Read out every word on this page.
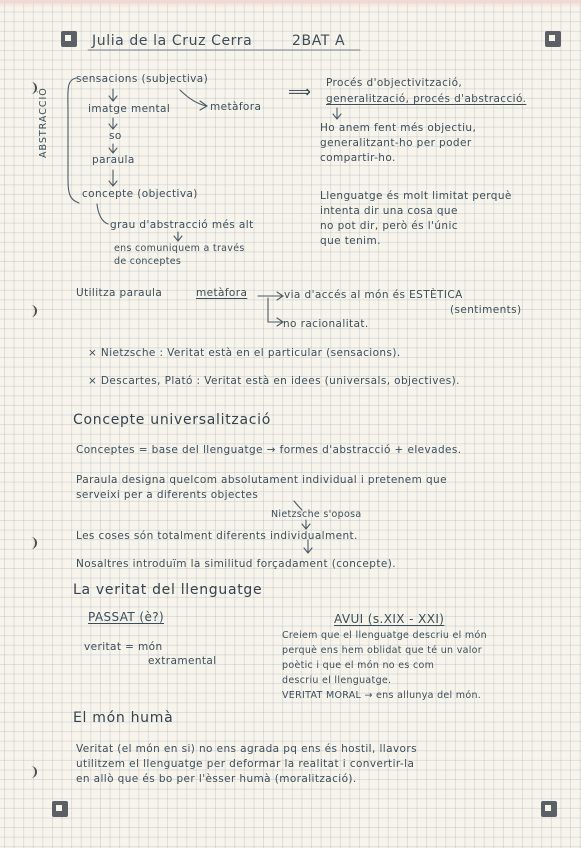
Julia de la Cruz Cerra	2BAT A
ABSTRACCIÓ
sensacions (subjectiva)
imatge mental	metàfora
so
paraula
concepte (objectiva)
grau d'abstracció més alt
ens comuniquem a través
de conceptes
⟹ Procés d'objectivització,
generalització, procés d'abstracció.
Ho anem fent més objectiu,
generalitzant-ho per poder
compartir-ho.
Llenguatge és molt limitat perquè
intenta dir una cosa que
no pot dir, però és l'únic
que tenim.
Utilitza paraula	metàfora	via d'accés al món és ESTÈTICA
(sentiments)
no racionalitat.
× Nietzsche : Veritat està en el particular (sensacions).
× Descartes, Plató : Veritat està en idees (universals, objectives).
Concepte universalització
Conceptes = base del llenguatge → formes d'abstracció + elevades.
Paraula designa quelcom absolutament individual i pretenem que
serveixi per a diferents objectes
Nietzsche s'oposa
Les coses són totalment diferents individualment.
Nosaltres introduïm la similitud forçadament (concepte).
La veritat del llenguatge
PASSAT (è?)
veritat = món
extramental
AVUI (s.XIX - XXI)
Creiem que el llenguatge descriu el món
perquè ens hem oblidat que té un valor
poètic i que el món no es com
descriu el llenguatge.
VERITAT MORAL → ens allunya del món.
El món humà
Veritat (el món en si) no ens agrada pq ens és hostil, llavors
utilitzem el llenguatge per deformar la realitat i convertir-la
en allò que és bo per l'èsser humà (moralització).
